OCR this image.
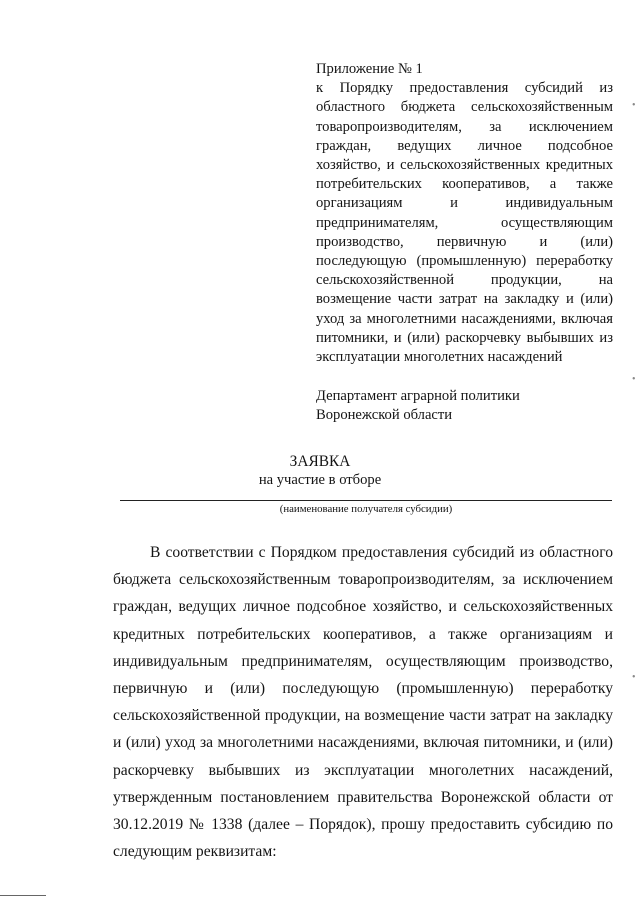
Приложение № 1
к Порядку предоставления субсидий из областного бюджета сельскохозяйственным товаропроизводителям, за исключением граждан, ведущих личное подсобное хозяйство, и сельскохозяйственных кредитных потребительских кооперативов, а также организациям и индивидуальным предпринимателям, осуществляющим производство, первичную и (или) последующую (промышленную) переработку сельскохозяйственной продукции, на возмещение части затрат на закладку и (или) уход за многолетними насаждениями, включая питомники, и (или) раскорчевку выбывших из эксплуатации многолетних насаждений
Департамент аграрной политики
Воронежской области
ЗАЯВКА
на участие в отборе
(наименование получателя субсидии)
В соответствии с Порядком предоставления субсидий из областного бюджета сельскохозяйственным товаропроизводителям, за исключением граждан, ведущих личное подсобное хозяйство, и сельскохозяйственных кредитных потребительских кооперативов, а также организациям и индивидуальным предпринимателям, осуществляющим производство, первичную и (или) последующую (промышленную) переработку сельскохозяйственной продукции, на возмещение части затрат на закладку и (или) уход за многолетними насаждениями, включая питомники, и (или) раскорчевку выбывших из эксплуатации многолетних насаждений, утвержденным постановлением правительства Воронежской области от 30.12.2019 № 1338 (далее – Порядок), прошу предоставить субсидию по следующим реквизитам:
•
•
•
